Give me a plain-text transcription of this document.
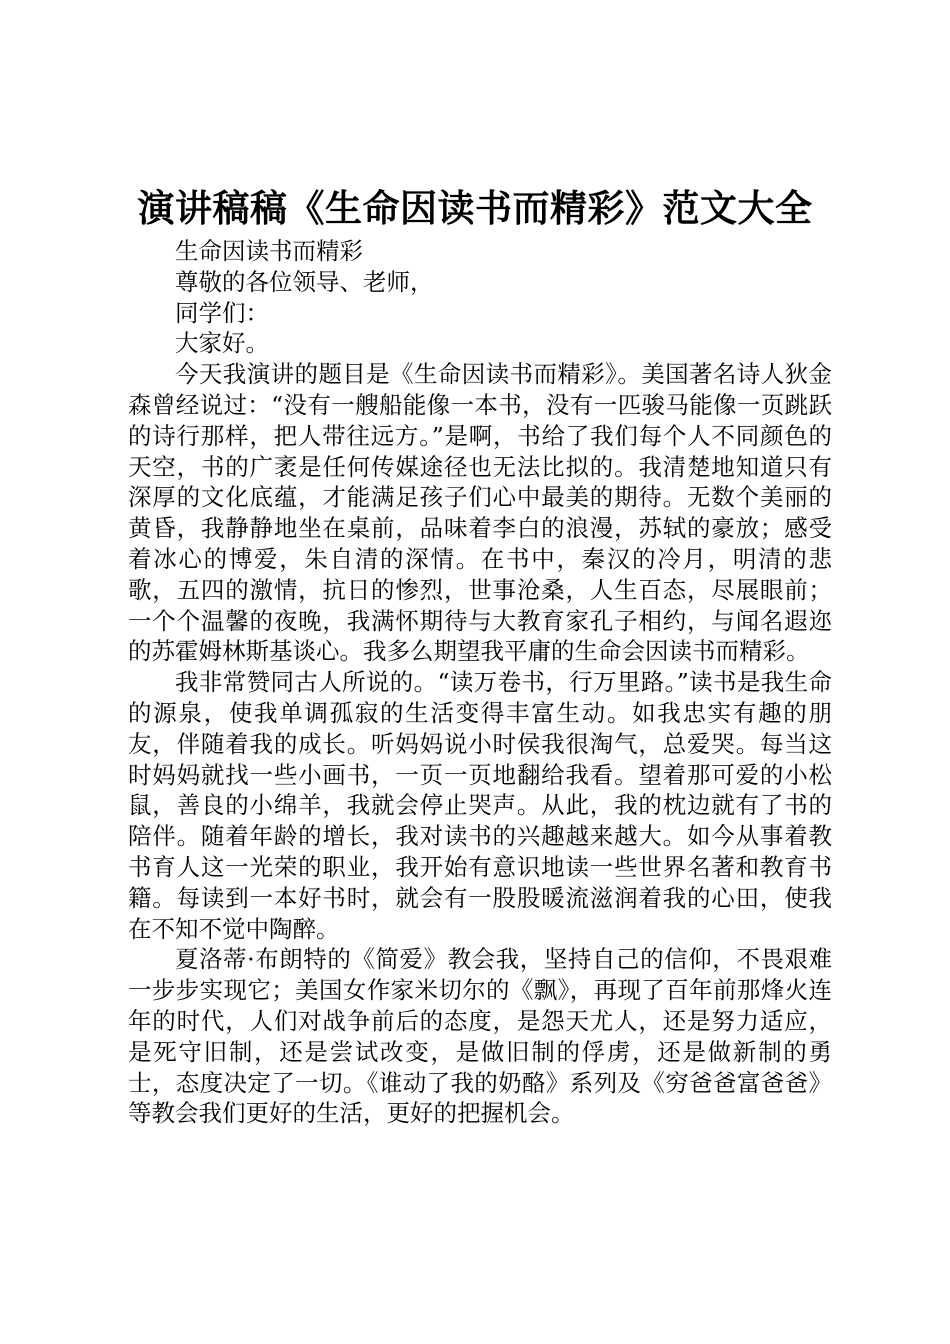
演讲稿稿《生命因读书而精彩》范文大全

生命因读书而精彩

尊敬的各位领导、老师，

同学们：

大家好。

今天我演讲的题目是《生命因读书而精彩》。美国著名诗人狄金森曾经说过：“没有一艘船能像一本书，没有一匹骏马能像一页跳跃的诗行那样，把人带往远方。”是啊，书给了我们每个人不同颜色的天空，书的广袤是任何传媒途径也无法比拟的。我清楚地知道只有深厚的文化底蕴，才能满足孩子们心中最美的期待。无数个美丽的黄昏，我静静地坐在桌前，品味着李白的浪漫，苏轼的豪放；感受着冰心的博爱，朱自清的深情。在书中，秦汉的冷月，明清的悲歌，五四的激情，抗日的惨烈，世事沧桑，人生百态，尽展眼前；一个个温馨的夜晚，我满怀期待与大教育家孔子相约，与闻名遐迩的苏霍姆林斯基谈心。我多么期望我平庸的生命会因读书而精彩。

我非常赞同古人所说的。“读万卷书，行万里路。”读书是我生命的源泉，使我单调孤寂的生活变得丰富生动。如我忠实有趣的朋友，伴随着我的成长。听妈妈说小时侯我很淘气，总爱哭。每当这时妈妈就找一些小画书，一页一页地翻给我看。望着那可爱的小松鼠，善良的小绵羊，我就会停止哭声。从此，我的枕边就有了书的陪伴。随着年龄的增长，我对读书的兴趣越来越大。如今从事着教书育人这一光荣的职业，我开始有意识地读一些世界名著和教育书籍。每读到一本好书时，就会有一股股暖流滋润着我的心田，使我在不知不觉中陶醉。

夏洛蒂·布朗特的《简爱》教会我，坚持自己的信仰，不畏艰难一步步实现它；美国女作家米切尔的《飘》，再现了百年前那烽火连年的时代，人们对战争前后的态度，是怨天尤人，还是努力适应，是死守旧制，还是尝试改变，是做旧制的俘虏，还是做新制的勇士，态度决定了一切。《谁动了我的奶酪》系列及《穷爸爸富爸爸》等教会我们更好的生活，更好的把握机会。
